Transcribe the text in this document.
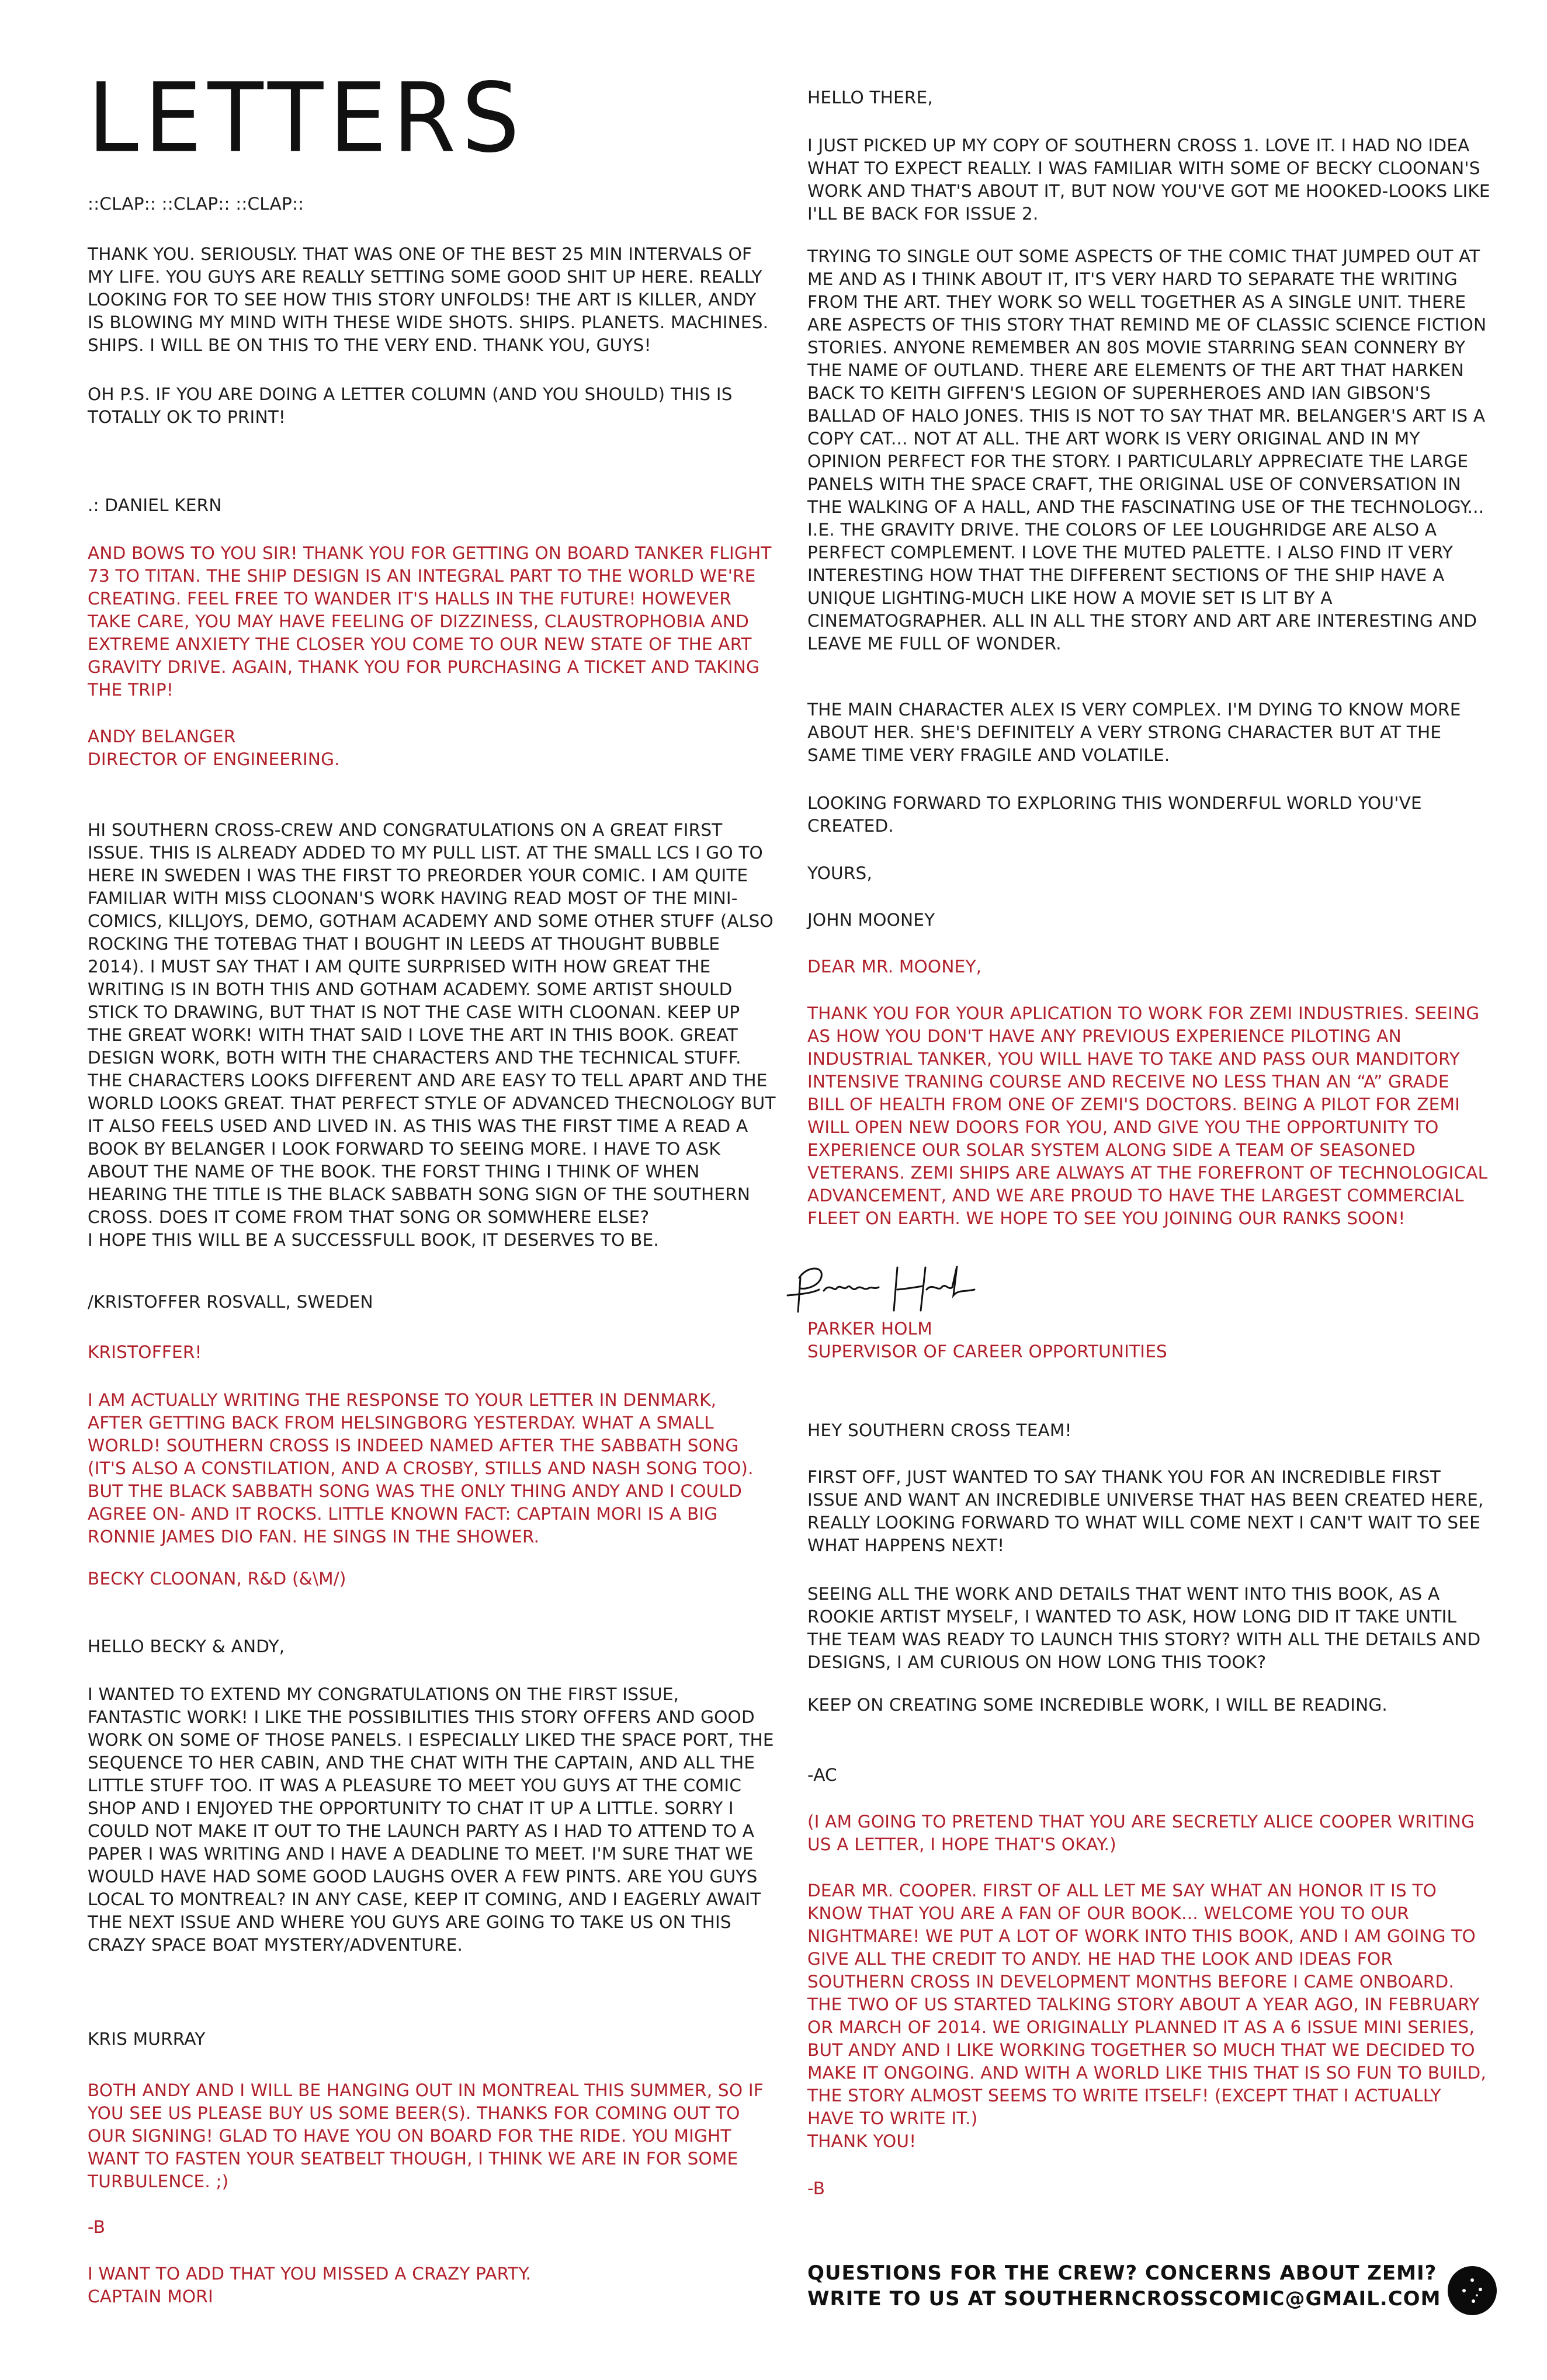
LETTERS

::CLAP:: ::CLAP:: ::CLAP::

THANK YOU. SERIOUSLY. THAT WAS ONE OF THE BEST 25 MIN INTERVALS OF MY LIFE. YOU GUYS ARE REALLY SETTING SOME GOOD SHIT UP HERE. REALLY LOOKING FOR TO SEE HOW THIS STORY UNFOLDS! THE ART IS KILLER, ANDY IS BLOWING MY MIND WITH THESE WIDE SHOTS. SHIPS. PLANETS. MACHINES. SHIPS. I WILL BE ON THIS TO THE VERY END. THANK YOU, GUYS!

OH P.S. IF YOU ARE DOING A LETTER COLUMN (AND YOU SHOULD) THIS IS TOTALLY OK TO PRINT!

.: DANIEL KERN

AND BOWS TO YOU SIR! THANK YOU FOR GETTING ON BOARD TANKER FLIGHT 73 TO TITAN. THE SHIP DESIGN IS AN INTEGRAL PART TO THE WORLD WE'RE CREATING. FEEL FREE TO WANDER IT'S HALLS IN THE FUTURE! HOWEVER TAKE CARE, YOU MAY HAVE FEELING OF DIZZINESS, CLAUSTROPHOBIA AND EXTREME ANXIETY THE CLOSER YOU COME TO OUR NEW STATE OF THE ART GRAVITY DRIVE. AGAIN, THANK YOU FOR PURCHASING A TICKET AND TAKING THE TRIP!

ANDY BELANGER
DIRECTOR OF ENGINEERING.

HI SOUTHERN CROSS-CREW AND CONGRATULATIONS ON A GREAT FIRST ISSUE. THIS IS ALREADY ADDED TO MY PULL LIST. AT THE SMALL LCS I GO TO HERE IN SWEDEN I WAS THE FIRST TO PREORDER YOUR COMIC. I AM QUITE FAMILIAR WITH MISS CLOONAN'S WORK HAVING READ MOST OF THE MINI-COMICS, KILLJOYS, DEMO, GOTHAM ACADEMY AND SOME OTHER STUFF (ALSO ROCKING THE TOTEBAG THAT I BOUGHT IN LEEDS AT THOUGHT BUBBLE 2014). I MUST SAY THAT I AM QUITE SURPRISED WITH HOW GREAT THE WRITING IS IN BOTH THIS AND GOTHAM ACADEMY. SOME ARTIST SHOULD STICK TO DRAWING, BUT THAT IS NOT THE CASE WITH CLOONAN. KEEP UP THE GREAT WORK! WITH THAT SAID I LOVE THE ART IN THIS BOOK. GREAT DESIGN WORK, BOTH WITH THE CHARACTERS AND THE TECHNICAL STUFF. THE CHARACTERS LOOKS DIFFERENT AND ARE EASY TO TELL APART AND THE WORLD LOOKS GREAT. THAT PERFECT STYLE OF ADVANCED THECNOLOGY BUT IT ALSO FEELS USED AND LIVED IN. AS THIS WAS THE FIRST TIME A READ A BOOK BY BELANGER I LOOK FORWARD TO SEEING MORE. I HAVE TO ASK ABOUT THE NAME OF THE BOOK. THE FORST THING I THINK OF WHEN HEARING THE TITLE IS THE BLACK SABBATH SONG SIGN OF THE SOUTHERN CROSS. DOES IT COME FROM THAT SONG OR SOMWHERE ELSE?
I HOPE THIS WILL BE A SUCCESSFULL BOOK, IT DESERVES TO BE.

/KRISTOFFER ROSVALL, SWEDEN

KRISTOFFER!

I AM ACTUALLY WRITING THE RESPONSE TO YOUR LETTER IN DENMARK, AFTER GETTING BACK FROM HELSINGBORG YESTERDAY. WHAT A SMALL WORLD! SOUTHERN CROSS IS INDEED NAMED AFTER THE SABBATH SONG (IT'S ALSO A CONSTILATION, AND A CROSBY, STILLS AND NASH SONG TOO). BUT THE BLACK SABBATH SONG WAS THE ONLY THING ANDY AND I COULD AGREE ON- AND IT ROCKS. LITTLE KNOWN FACT: CAPTAIN MORI IS A BIG RONNIE JAMES DIO FAN. HE SINGS IN THE SHOWER.

BECKY CLOONAN, R&D (&\M/)

HELLO BECKY & ANDY,

I WANTED TO EXTEND MY CONGRATULATIONS ON THE FIRST ISSUE, FANTASTIC WORK! I LIKE THE POSSIBILITIES THIS STORY OFFERS AND GOOD WORK ON SOME OF THOSE PANELS. I ESPECIALLY LIKED THE SPACE PORT, THE SEQUENCE TO HER CABIN, AND THE CHAT WITH THE CAPTAIN, AND ALL THE LITTLE STUFF TOO. IT WAS A PLEASURE TO MEET YOU GUYS AT THE COMIC SHOP AND I ENJOYED THE OPPORTUNITY TO CHAT IT UP A LITTLE. SORRY I COULD NOT MAKE IT OUT TO THE LAUNCH PARTY AS I HAD TO ATTEND TO A PAPER I WAS WRITING AND I HAVE A DEADLINE TO MEET. I'M SURE THAT WE WOULD HAVE HAD SOME GOOD LAUGHS OVER A FEW PINTS. ARE YOU GUYS LOCAL TO MONTREAL? IN ANY CASE, KEEP IT COMING, AND I EAGERLY AWAIT THE NEXT ISSUE AND WHERE YOU GUYS ARE GOING TO TAKE US ON THIS CRAZY SPACE BOAT MYSTERY/ADVENTURE.

KRIS MURRAY

BOTH ANDY AND I WILL BE HANGING OUT IN MONTREAL THIS SUMMER, SO IF YOU SEE US PLEASE BUY US SOME BEER(S). THANKS FOR COMING OUT TO OUR SIGNING! GLAD TO HAVE YOU ON BOARD FOR THE RIDE. YOU MIGHT WANT TO FASTEN YOUR SEATBELT THOUGH, I THINK WE ARE IN FOR SOME TURBULENCE. ;)

-B

I WANT TO ADD THAT YOU MISSED A CRAZY PARTY.
CAPTAIN MORI

HELLO THERE,

I JUST PICKED UP MY COPY OF SOUTHERN CROSS 1. LOVE IT. I HAD NO IDEA WHAT TO EXPECT REALLY. I WAS FAMILIAR WITH SOME OF BECKY CLOONAN'S WORK AND THAT'S ABOUT IT, BUT NOW YOU'VE GOT ME HOOKED-LOOKS LIKE I'LL BE BACK FOR ISSUE 2.

TRYING TO SINGLE OUT SOME ASPECTS OF THE COMIC THAT JUMPED OUT AT ME AND AS I THINK ABOUT IT, IT'S VERY HARD TO SEPARATE THE WRITING FROM THE ART. THEY WORK SO WELL TOGETHER AS A SINGLE UNIT. THERE ARE ASPECTS OF THIS STORY THAT REMIND ME OF CLASSIC SCIENCE FICTION STORIES. ANYONE REMEMBER AN 80S MOVIE STARRING SEAN CONNERY BY THE NAME OF OUTLAND. THERE ARE ELEMENTS OF THE ART THAT HARKEN BACK TO KEITH GIFFEN'S LEGION OF SUPERHEROES AND IAN GIBSON'S BALLAD OF HALO JONES. THIS IS NOT TO SAY THAT MR. BELANGER'S ART IS A COPY CAT... NOT AT ALL. THE ART WORK IS VERY ORIGINAL AND IN MY OPINION PERFECT FOR THE STORY. I PARTICULARLY APPRECIATE THE LARGE PANELS WITH THE SPACE CRAFT, THE ORIGINAL USE OF CONVERSATION IN THE WALKING OF A HALL, AND THE FASCINATING USE OF THE TECHNOLOGY... I.E. THE GRAVITY DRIVE. THE COLORS OF LEE LOUGHRIDGE ARE ALSO A PERFECT COMPLEMENT. I LOVE THE MUTED PALETTE. I ALSO FIND IT VERY INTERESTING HOW THAT THE DIFFERENT SECTIONS OF THE SHIP HAVE A UNIQUE LIGHTING-MUCH LIKE HOW A MOVIE SET IS LIT BY A CINEMATOGRAPHER. ALL IN ALL THE STORY AND ART ARE INTERESTING AND LEAVE ME FULL OF WONDER.

THE MAIN CHARACTER ALEX IS VERY COMPLEX. I'M DYING TO KNOW MORE ABOUT HER. SHE'S DEFINITELY A VERY STRONG CHARACTER BUT AT THE SAME TIME VERY FRAGILE AND VOLATILE.

LOOKING FORWARD TO EXPLORING THIS WONDERFUL WORLD YOU'VE CREATED.

YOURS,

JOHN MOONEY

DEAR MR. MOONEY,

THANK YOU FOR YOUR APLICATION TO WORK FOR ZEMI INDUSTRIES. SEEING AS HOW YOU DON'T HAVE ANY PREVIOUS EXPERIENCE PILOTING AN INDUSTRIAL TANKER, YOU WILL HAVE TO TAKE AND PASS OUR MANDITORY INTENSIVE TRANING COURSE AND RECEIVE NO LESS THAN AN “A” GRADE BILL OF HEALTH FROM ONE OF ZEMI'S DOCTORS. BEING A PILOT FOR ZEMI WILL OPEN NEW DOORS FOR YOU, AND GIVE YOU THE OPPORTUNITY TO EXPERIENCE OUR SOLAR SYSTEM ALONG SIDE A TEAM OF SEASONED VETERANS. ZEMI SHIPS ARE ALWAYS AT THE FOREFRONT OF TECHNOLOGICAL ADVANCEMENT, AND WE ARE PROUD TO HAVE THE LARGEST COMMERCIAL FLEET ON EARTH. WE HOPE TO SEE YOU JOINING OUR RANKS SOON!

PARKER HOLM
SUPERVISOR OF CAREER OPPORTUNITIES

HEY SOUTHERN CROSS TEAM!

FIRST OFF, JUST WANTED TO SAY THANK YOU FOR AN INCREDIBLE FIRST ISSUE AND WANT AN INCREDIBLE UNIVERSE THAT HAS BEEN CREATED HERE, REALLY LOOKING FORWARD TO WHAT WILL COME NEXT I CAN'T WAIT TO SEE WHAT HAPPENS NEXT!

SEEING ALL THE WORK AND DETAILS THAT WENT INTO THIS BOOK, AS A ROOKIE ARTIST MYSELF, I WANTED TO ASK, HOW LONG DID IT TAKE UNTIL THE TEAM WAS READY TO LAUNCH THIS STORY? WITH ALL THE DETAILS AND DESIGNS, I AM CURIOUS ON HOW LONG THIS TOOK?

KEEP ON CREATING SOME INCREDIBLE WORK, I WILL BE READING.

-AC

(I AM GOING TO PRETEND THAT YOU ARE SECRETLY ALICE COOPER WRITING US A LETTER, I HOPE THAT'S OKAY.)

DEAR MR. COOPER. FIRST OF ALL LET ME SAY WHAT AN HONOR IT IS TO KNOW THAT YOU ARE A FAN OF OUR BOOK... WELCOME YOU TO OUR NIGHTMARE! WE PUT A LOT OF WORK INTO THIS BOOK, AND I AM GOING TO GIVE ALL THE CREDIT TO ANDY. HE HAD THE LOOK AND IDEAS FOR SOUTHERN CROSS IN DEVELOPMENT MONTHS BEFORE I CAME ONBOARD. THE TWO OF US STARTED TALKING STORY ABOUT A YEAR AGO, IN FEBRUARY OR MARCH OF 2014. WE ORIGINALLY PLANNED IT AS A 6 ISSUE MINI SERIES, BUT ANDY AND I LIKE WORKING TOGETHER SO MUCH THAT WE DECIDED TO MAKE IT ONGOING. AND WITH A WORLD LIKE THIS THAT IS SO FUN TO BUILD, THE STORY ALMOST SEEMS TO WRITE ITSELF! (EXCEPT THAT I ACTUALLY HAVE TO WRITE IT.)
THANK YOU!

-B

QUESTIONS FOR THE CREW? CONCERNS ABOUT ZEMI?
WRITE TO US AT SOUTHERNCROSSCOMIC@GMAIL.COM
